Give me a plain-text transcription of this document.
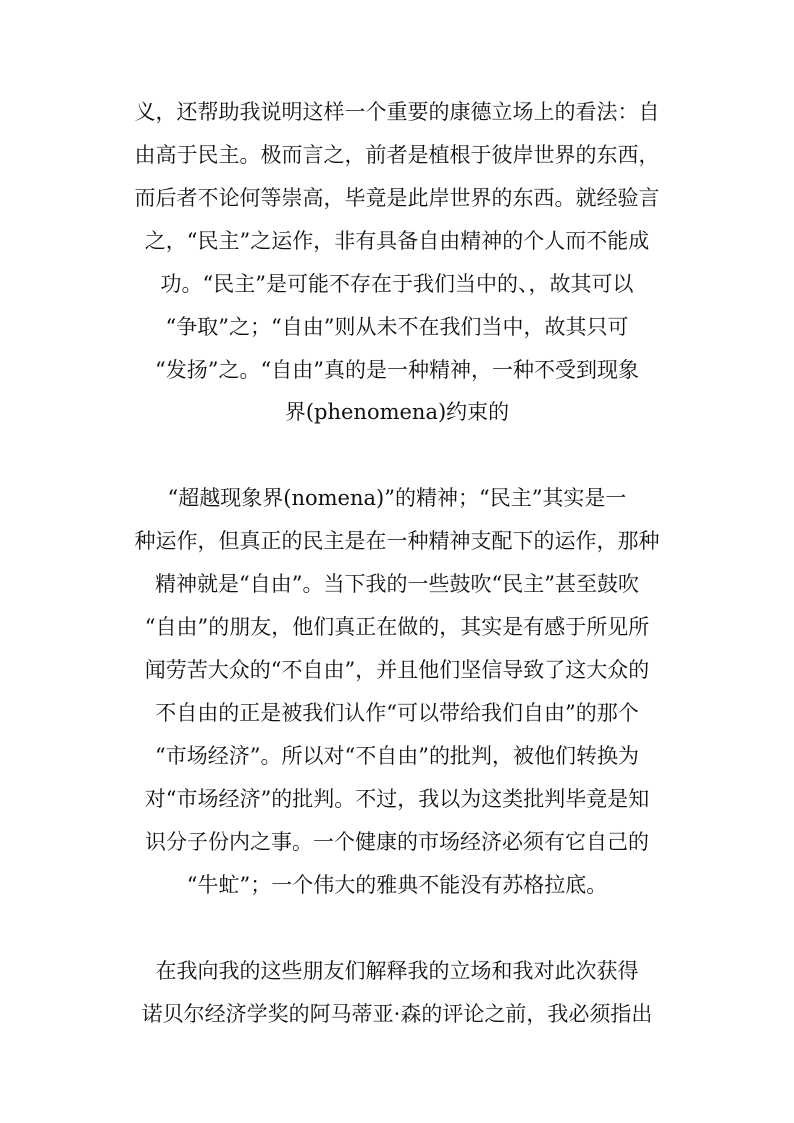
义，还帮助我说明这样一个重要的康德立场上的看法：自
由高于民主。极而言之，前者是植根于彼岸世界的东西，
而后者不论何等崇高，毕竟是此岸世界的东西。就经验言
之，“民主”之运作，非有具备自由精神的个人而不能成
功。“民主”是可能不存在于我们当中的、，故其可以
“争取”之；“自由”则从未不在我们当中，故其只可
“发扬”之。“自由”真的是一种精神，一种不受到现象
界(phenomena)约束的
“超越现象界(nomena)”的精神；“民主”其实是一
种运作，但真正的民主是在一种精神支配下的运作，那种
精神就是“自由”。当下我的一些鼓吹“民主”甚至鼓吹
“自由”的朋友，他们真正在做的，其实是有感于所见所
闻劳苦大众的“不自由”，并且他们坚信导致了这大众的
不自由的正是被我们认作“可以带给我们自由”的那个
“市场经济”。所以对“不自由”的批判，被他们转换为
对“市场经济”的批判。不过，我以为这类批判毕竟是知
识分子份内之事。一个健康的市场经济必须有它自己的
“牛虻”；一个伟大的雅典不能没有苏格拉底。
在我向我的这些朋友们解释我的立场和我对此次获得
诺贝尔经济学奖的阿马蒂亚·森的评论之前，我必须指出
